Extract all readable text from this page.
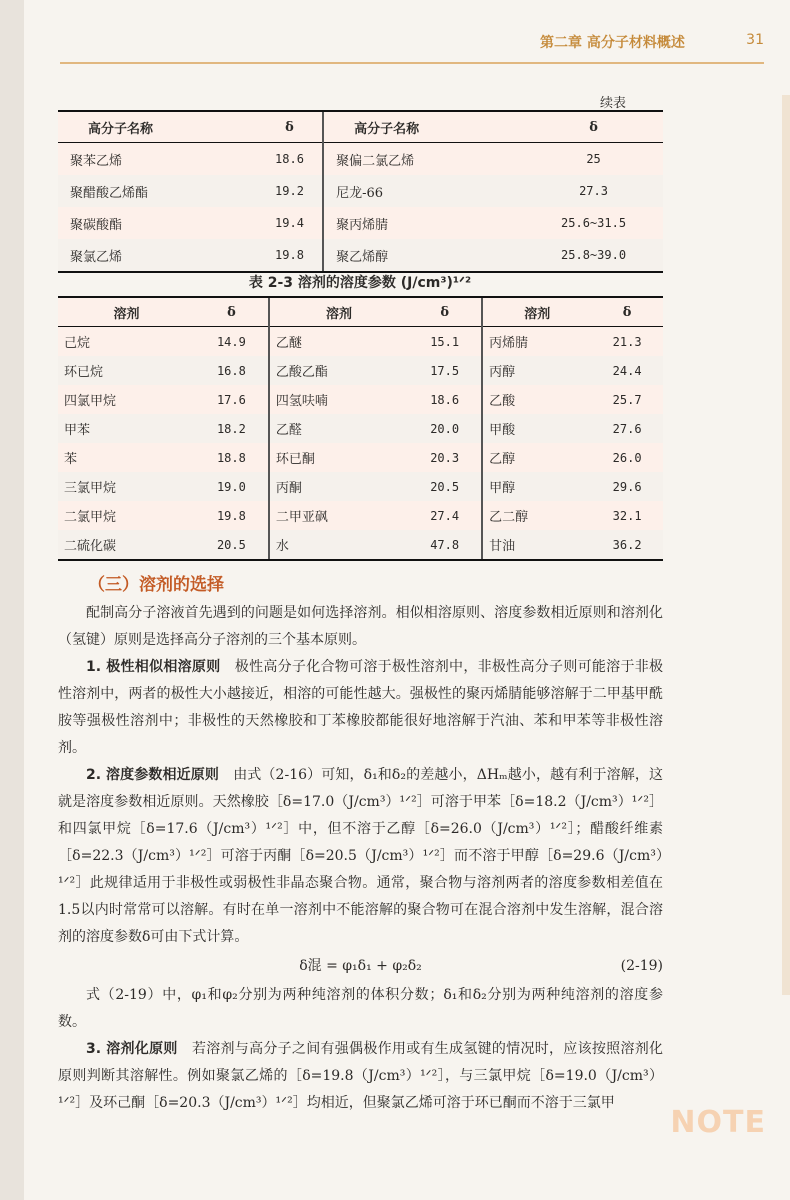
第二章 高分子材料概述	31
续表
高分子名称	δ	高分子名称	δ
聚苯乙烯	18.6	聚偏二氯乙烯	25
聚醋酸乙烯酯	19.2	尼龙-66	27.3
聚碳酸酯	19.4	聚丙烯腈	25.6~31.5
聚氯乙烯	19.8	聚乙烯醇	25.8~39.0
表 2-3 溶剂的溶度参数 (J/cm³)¹ᐟ²
溶剂	δ	溶剂	δ	溶剂	δ
己烷	14.9	乙醚	15.1	丙烯腈	21.3
环已烷	16.8	乙酸乙酯	17.5	丙醇	24.4
四氯甲烷	17.6	四氢呋喃	18.6	乙酸	25.7
甲苯	18.2	乙醛	20.0	甲酸	27.6
苯	18.8	环已酮	20.3	乙醇	26.0
三氯甲烷	19.0	丙酮	20.5	甲醇	29.6
二氯甲烷	19.8	二甲亚砜	27.4	乙二醇	32.1
二硫化碳	20.5	水	47.8	甘油	36.2
（三）溶剂的选择

配制高分子溶液首先遇到的问题是如何选择溶剂。相似相溶原则、溶度参数相近原则和溶剂化（氢键）原则是选择高分子溶剂的三个基本原则。

1. 极性相似相溶原则　 极性高分子化合物可溶于极性溶剂中，非极性高分子则可能溶于非极性溶剂中，两者的极性大小越接近，相溶的可能性越大。强极性的聚丙烯腈能够溶解于二甲基甲酰胺等强极性溶剂中；非极性的天然橡胶和丁苯橡胶都能很好地溶解于汽油、苯和甲苯等非极性溶剂。

2. 溶度参数相近原则　 由式（2-16）可知，δ₁和δ₂的差越小，ΔHₘ越小，越有利于溶解，这就是溶度参数相近原则。天然橡胶［δ=17.0（J/cm³）¹ᐟ²］可溶于甲苯［δ=18.2（J/cm³）¹ᐟ²］和四氯甲烷［δ=17.6（J/cm³）¹ᐟ²］中，但不溶于乙醇［δ=26.0（J/cm³）¹ᐟ²］；醋酸纤维素［δ=22.3（J/cm³）¹ᐟ²］可溶于丙酮［δ=20.5（J/cm³）¹ᐟ²］而不溶于甲醇［δ=29.6（J/cm³）¹ᐟ²］此规律适用于非极性或弱极性非晶态聚合物。通常，聚合物与溶剂两者的溶度参数相差值在1.5以内时常常可以溶解。有时在单一溶剂中不能溶解的聚合物可在混合溶剂中发生溶解，混合溶剂的溶度参数δ可由下式计算。

δ混 = φ₁δ₁ + φ₂δ₂	(2-19)

式（2-19）中，φ₁和φ₂分别为两种纯溶剂的体积分数；δ₁和δ₂分别为两种纯溶剂的溶度参数。

3. 溶剂化原则　 若溶剂与高分子之间有强偶极作用或有生成氢键的情况时，应该按照溶剂化原则判断其溶解性。例如聚氯乙烯的［δ=19.8（J/cm³）¹ᐟ²］，与三氯甲烷［δ=19.0（J/cm³）¹ᐟ²］及环己酮［δ=20.3（J/cm³）¹ᐟ²］均相近，但聚氯乙烯可溶于环已酮而不溶于三氯甲

NOTE
